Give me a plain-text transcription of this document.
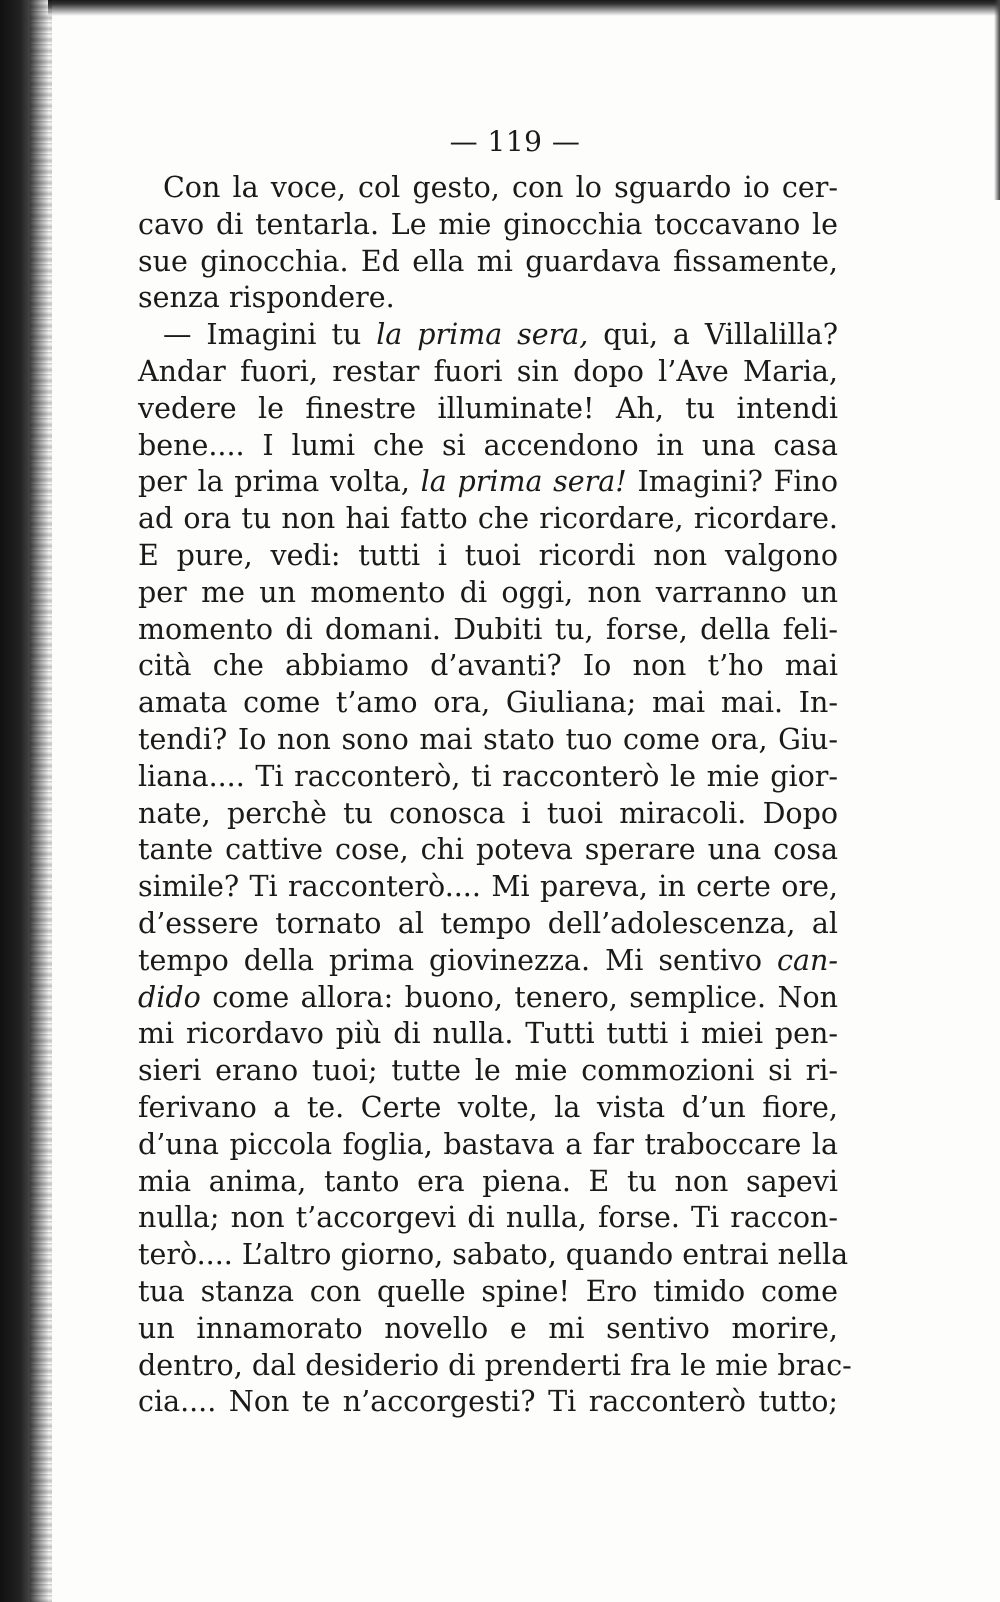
— 119 —
Con la voce, col gesto, con lo sguardo io cer-
cavo di tentarla. Le mie ginocchia toccavano le
sue ginocchia. Ed ella mi guardava fissamente,
senza rispondere.
— Imagini tu la prima sera, qui, a Villalilla?
Andar fuori, restar fuori sin dopo l’Ave Maria,
vedere le finestre illuminate! Ah, tu intendi
bene.... I lumi che si accendono in una casa
per la prima volta, la prima sera! Imagini? Fino
ad ora tu non hai fatto che ricordare, ricordare.
E pure, vedi: tutti i tuoi ricordi non valgono
per me un momento di oggi, non varranno un
momento di domani. Dubiti tu, forse, della feli-
cità che abbiamo d’avanti? Io non t’ho mai
amata come t’amo ora, Giuliana; mai mai. In-
tendi? Io non sono mai stato tuo come ora, Giu-
liana.... Ti racconterò, ti racconterò le mie gior-
nate, perchè tu conosca i tuoi miracoli. Dopo
tante cattive cose, chi poteva sperare una cosa
simile? Ti racconterò.... Mi pareva, in certe ore,
d’essere tornato al tempo dell’adolescenza, al
tempo della prima giovinezza. Mi sentivo can-
dido come allora: buono, tenero, semplice. Non
mi ricordavo più di nulla. Tutti tutti i miei pen-
sieri erano tuoi; tutte le mie commozioni si ri-
ferivano a te. Certe volte, la vista d’un fiore,
d’una piccola foglia, bastava a far traboccare la
mia anima, tanto era piena. E tu non sapevi
nulla; non t’accorgevi di nulla, forse. Ti raccon-
terò.... L’altro giorno, sabato, quando entrai nella
tua stanza con quelle spine! Ero timido come
un innamorato novello e mi sentivo morire,
dentro, dal desiderio di prenderti fra le mie brac-
cia.... Non te n’accorgesti? Ti racconterò tutto;
